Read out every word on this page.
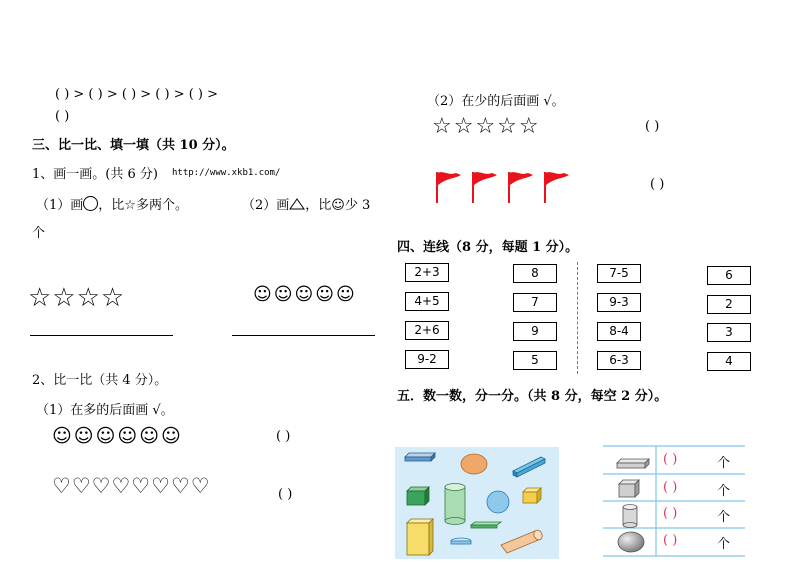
( ) > ( ) > ( ) > ( ) > ( ) >
( )
三、比一比、填一填（共 10 分）。
1、画一画。(共 6 分) http://www.xkb1.com/
（1）画 ，比☆多两个。	（2）画 ，比☺少 3
个
☆☆☆☆	☺☺☺☺☺
2、比一比（共 4 分）。
（1）在多的后面画 √。
☺☺☺☺☺☺	( )
♡♡♡♡♡♡♡♡	( )
（2）在少的后面画 √。
☆☆☆☆☆	( )
( )
四、连线（8 分，每题 1 分）。
2+3
4+5
2+6
9-2
8
7
9
5
7-5
9-3
8-4
6-3
6
2
3
4
五．数一数，分一分。（共 8 分，每空 2 分）。
( )	个
( )	个
( )	个
( )	个
